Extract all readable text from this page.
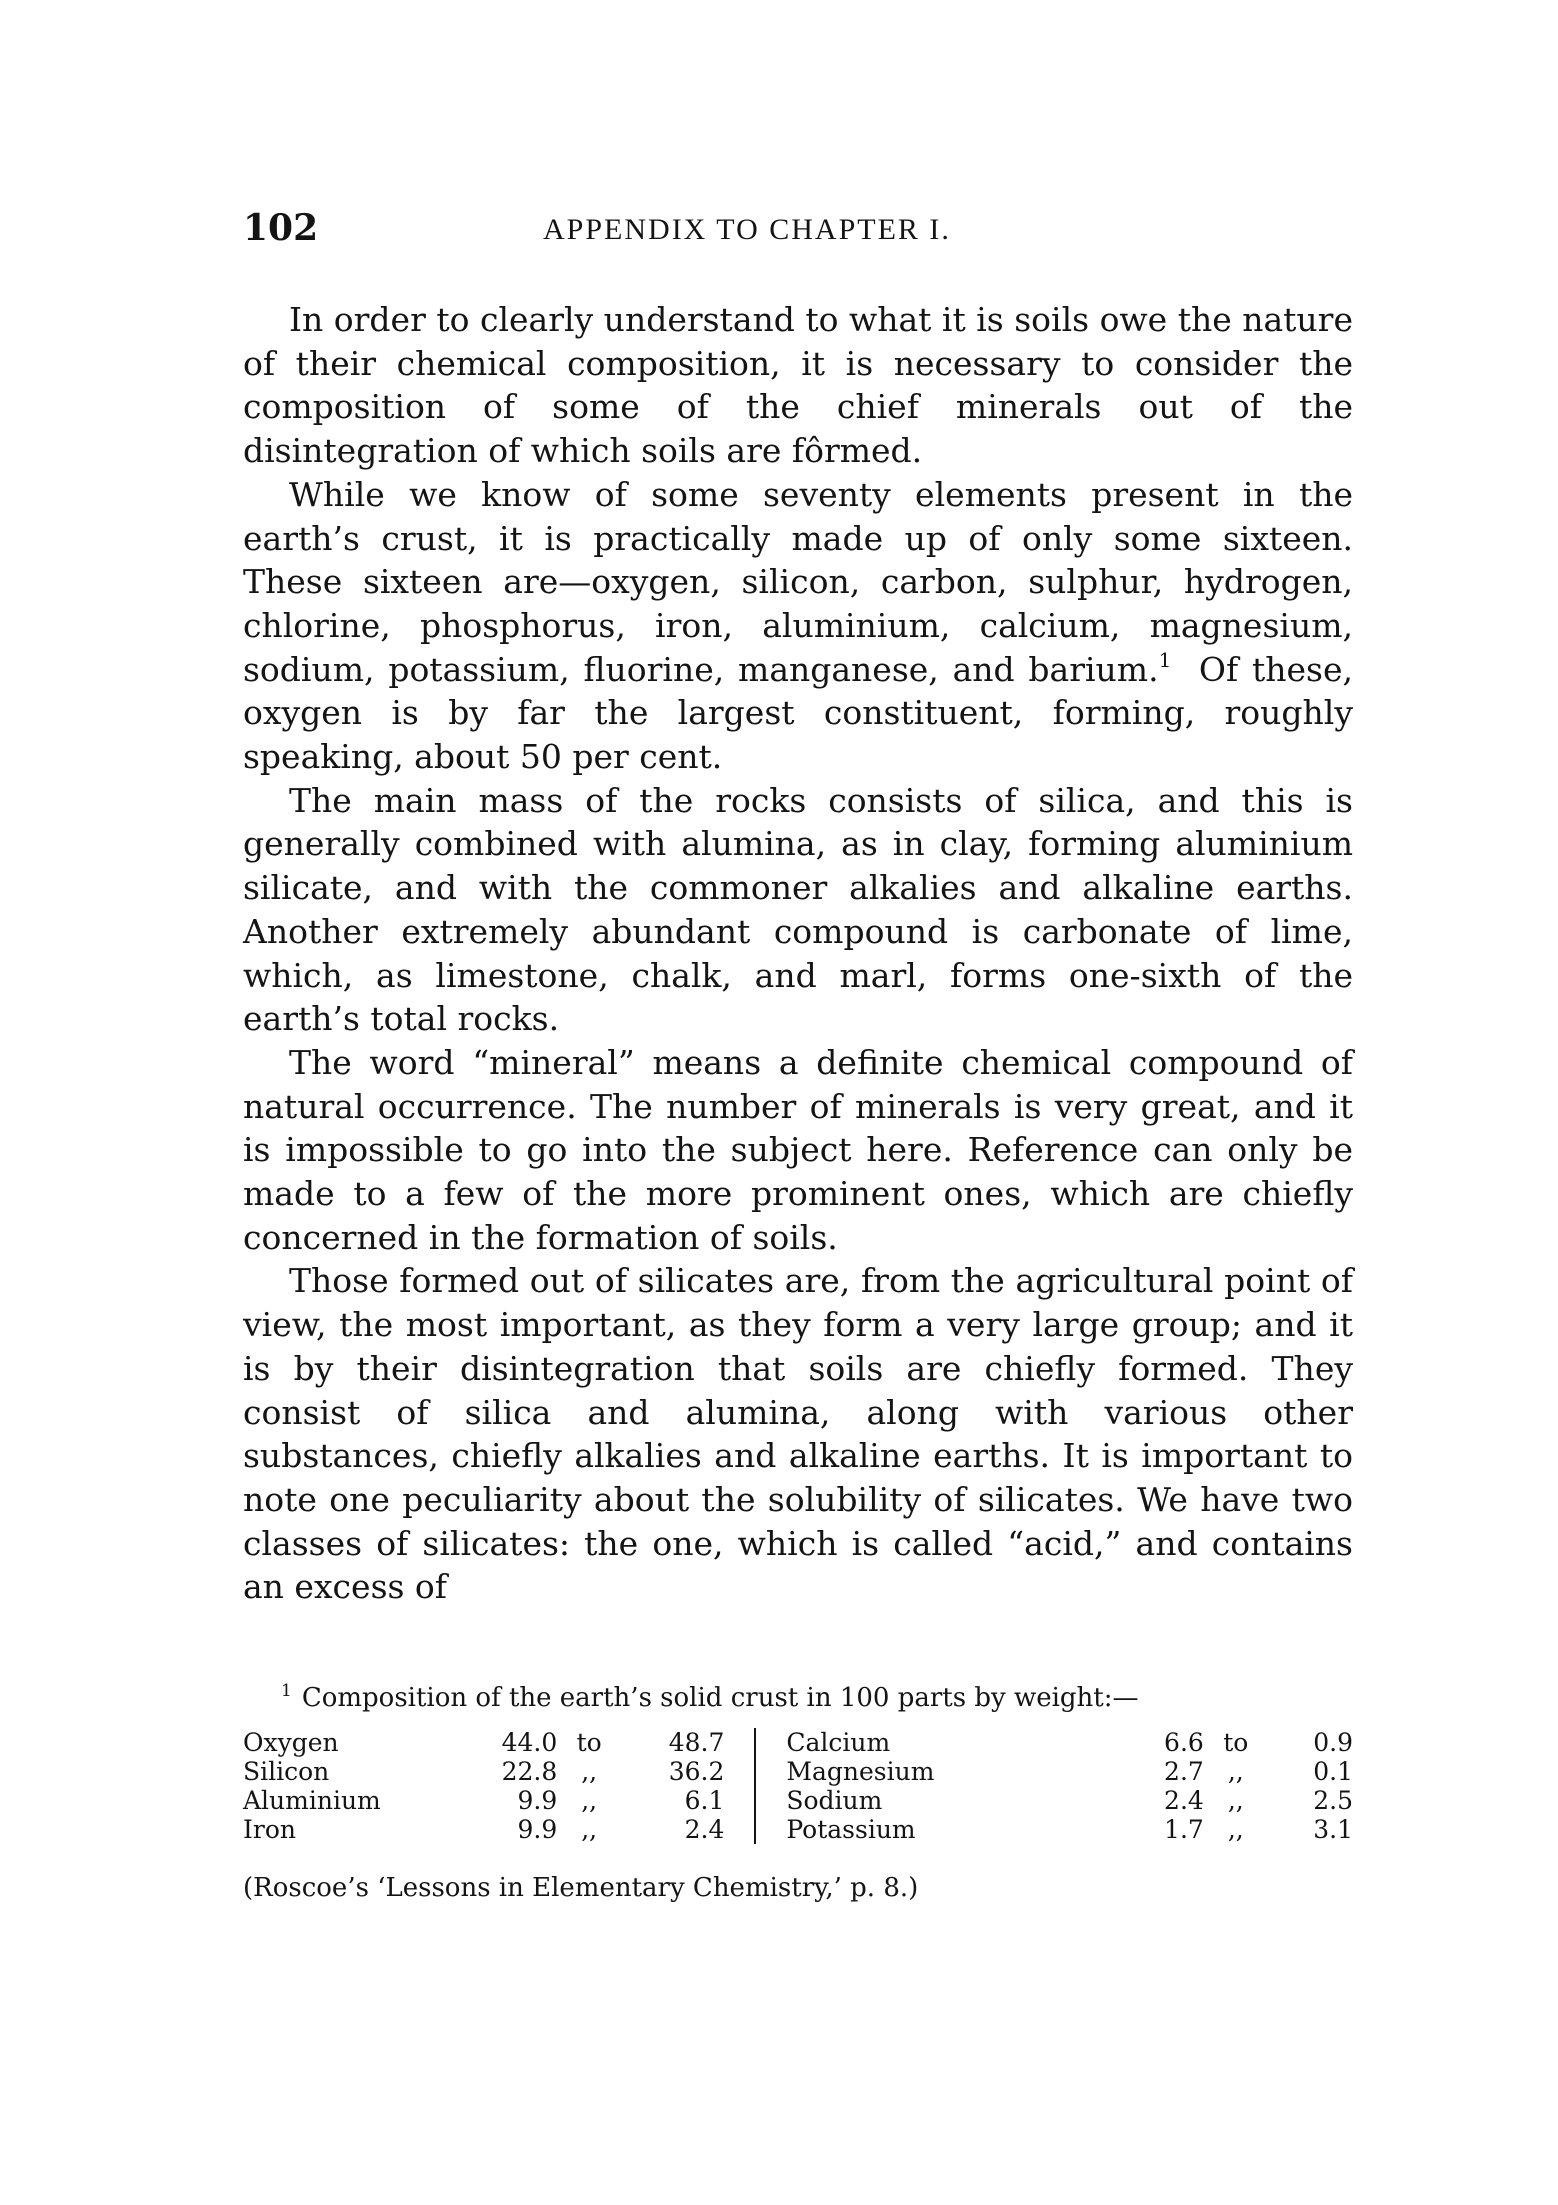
102	APPENDIX TO CHAPTER I.

In order to clearly understand to what it is soils owe the nature of their chemical composition, it is necessary to consider the composition of some of the chief minerals out of the disintegration of which soils are fôrmed.

While we know of some seventy elements present in the earth’s crust, it is practically made up of only some sixteen. These sixteen are—oxygen, silicon, carbon, sulphur, hydrogen, chlorine, phosphorus, iron, aluminium, calcium, magnesium, sodium, potassium, fluorine, manganese, and barium.$^1$ Of these, oxygen is by far the largest constituent, forming, roughly speaking, about 50 per cent.

The main mass of the rocks consists of silica, and this is generally combined with alumina, as in clay, forming aluminium silicate, and with the commoner alkalies and alkaline earths. Another extremely abundant compound is carbonate of lime, which, as limestone, chalk, and marl, forms one-sixth of the earth’s total rocks.

The word “mineral” means a definite chemical compound of natural occurrence. The number of minerals is very great, and it is impossible to go into the subject here. Reference can only be made to a few of the more prominent ones, which are chiefly concerned in the formation of soils.

Those formed out of silicates are, from the agricultural point of view, the most important, as they form a very large group; and it is by their disintegration that soils are chiefly formed. They consist of silica and alumina, along with various other substances, chiefly alkalies and alkaline earths. It is important to note one peculiarity about the solubility of silicates. We have two classes of silicates: the one, which is called “acid,” and contains an excess of

$^1$ Composition of the earth’s solid crust in 100 parts by weight:—
Oxygen	44.0	to	48.7	Calcium	6.6	to	0.9
Silicon	22.8	,,	36.2	Magnesium	2.7	,,	0.1
Aluminium	9.9	,,	6.1	Sodium	2.4	,,	2.5
Iron	9.9	,,	2.4	Potassium	1.7	,,	3.1
(Roscoe’s ‘Lessons in Elementary Chemistry,’ p. 8.)
